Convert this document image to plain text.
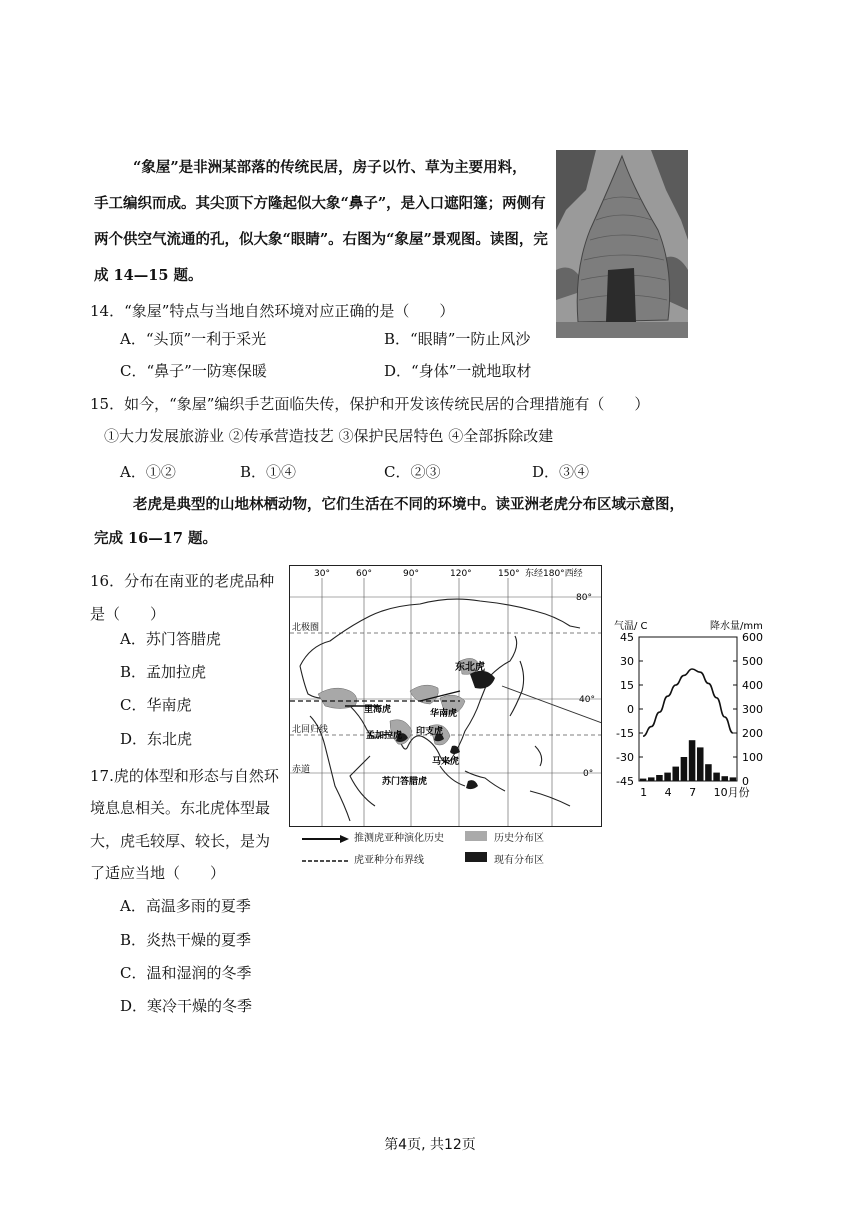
“象屋”是非洲某部落的传统民居，房子以竹、草为主要用料，
手工编织而成。其尖顶下方隆起似大象“鼻子”，是入口遮阳篷；两侧有
两个供空气流通的孔，似大象“眼睛”。右图为“象屋”景观图。读图，完
成 14—15 题。
14．“象屋”特点与当地自然环境对应正确的是（　　）
A．“头顶”一利于采光	B．“眼睛”一防止风沙
C．“鼻子”一防寒保暖	D．“身体”一就地取材
15．如今，“象屋”编织手艺面临失传，保护和开发该传统民居的合理措施有（　　）
①大力发展旅游业 ②传承营造技艺 ③保护民居特色 ④全部拆除改建
A．①②	B．①④	C．②③	D．③④
老虎是典型的山地林栖动物，它们生活在不同的环境中。读亚洲老虎分布区域示意图，
完成 16—17 题。
16．分布在南亚的老虎品种
是（　　）
A．苏门答腊虎
B．孟加拉虎
C．华南虎
D．东北虎
17.虎的体型和形态与自然环
境息息相关。东北虎体型最
大，虎毛较厚、较长，是为
了适应当地（　　）
A．高温多雨的夏季
B．炎热干燥的夏季
C．温和湿润的冬季
D．寒冷干燥的冬季
30°	60°	90°	120°	150° 东经180°西经
80°
40°
0°
北极圈
北回归线
赤道
东北虎
里海虎	华南虎
孟加拉虎 印支虎
马来虎
苏门答腊虎
推测虎亚种演化历史
虎亚种分布界线
历史分布区
现有分布区
气温/ C	降水量/mm
45
30
15
0
-15
-30
-45
600
500
400
300
200
100
0
1 4 7 10月份
第4页, 共12页
